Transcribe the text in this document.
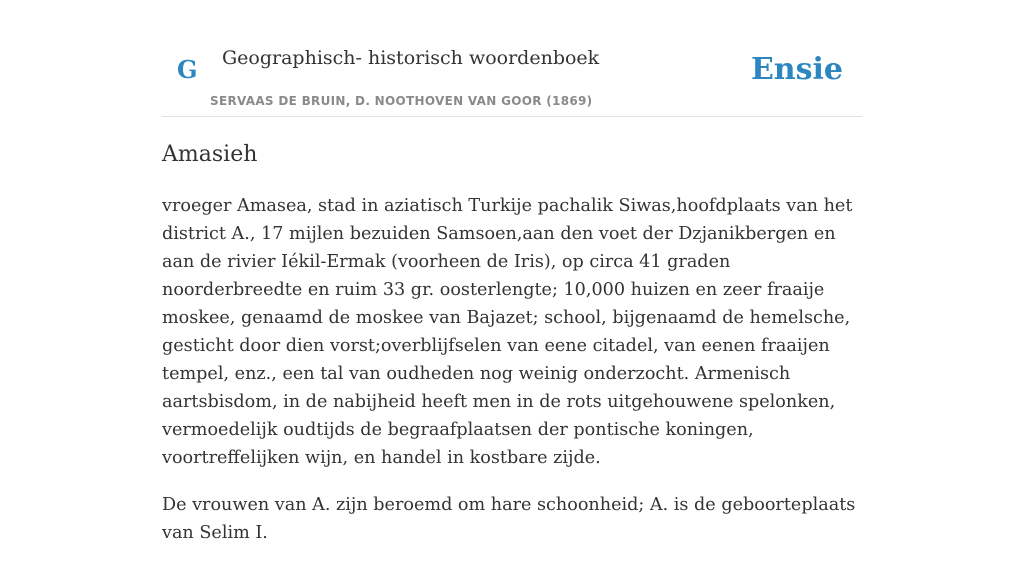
G Geographisch- historisch woordenboek
SERVAAS DE BRUIN, D. NOOTHOVEN VAN GOOR (1869)
Ensie
Amasieh

vroeger Amasea, stad in aziatisch Turkije pachalik Siwas,hoofdplaats van het district A., 17 mijlen bezuiden Samsoen,aan den voet der Dzjanikbergen en aan de rivier Iékil-Ermak (voorheen de Iris), op circa 41 graden noorderbreedte en ruim 33 gr. oosterlengte; 10,000 huizen en zeer fraaije moskee, genaamd de moskee van Bajazet; school, bijgenaamd de hemelsche, gesticht door dien vorst;overblijfselen van eene citadel, van eenen fraaijen tempel, enz., een tal van oudheden nog weinig onderzocht. Armenisch aartsbisdom, in de nabijheid heeft men in de rots uitgehouwene spelonken, vermoedelijk oudtijds de begraafplaatsen der pontische koningen, voortreffelijken wijn, en handel in kostbare zijde.

De vrouwen van A. zijn beroemd om hare schoonheid; A. is de geboorteplaats van Selim I.
